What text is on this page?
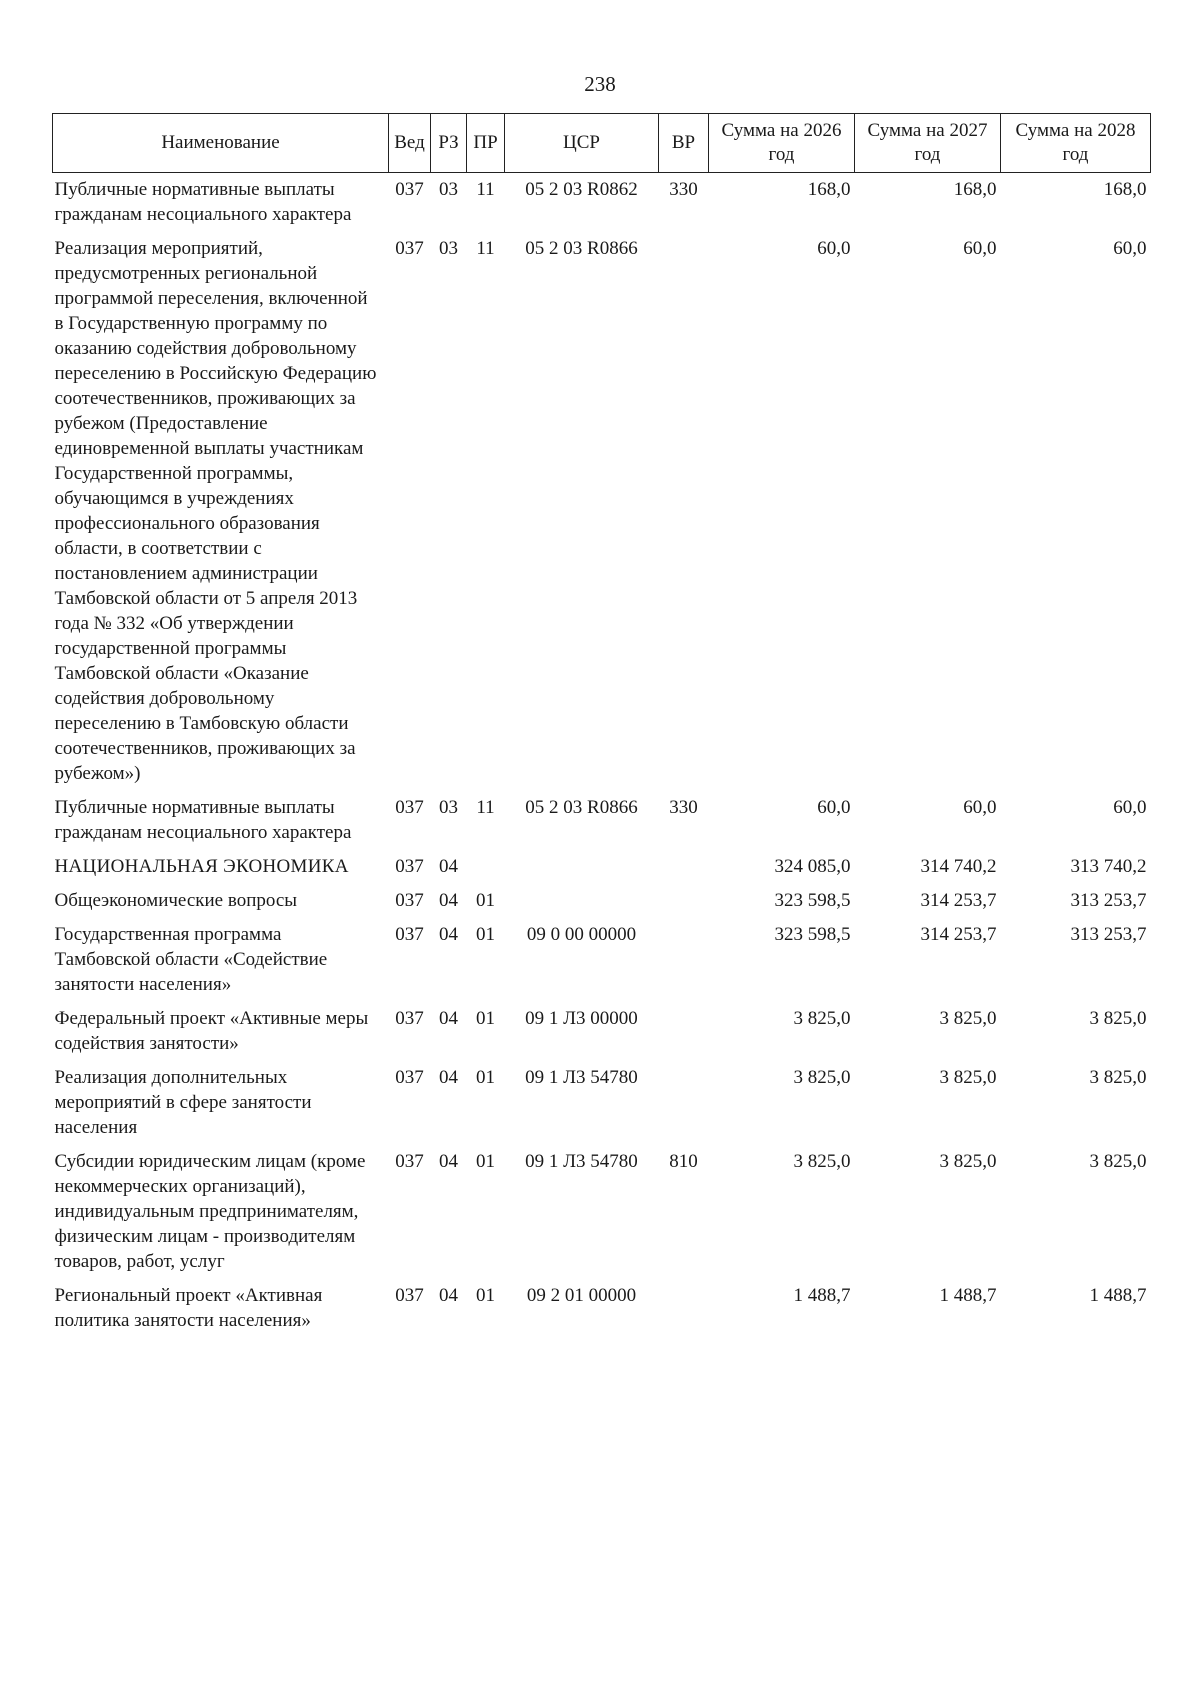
238
Наименование	Вед	РЗ	ПР	ЦСР	ВР	Сумма на 2026 год	Сумма на 2027 год	Сумма на 2028 год
Публичные нормативные выплаты гражданам несоциального характера	037	03	11	05 2 03 R0862	330	168,0	168,0	168,0
Реализация мероприятий, предусмотренных региональной программой переселения, включенной в Государственную программу по оказанию содействия добровольному переселению в Российскую Федерацию соотечественников, проживающих за рубежом (Предоставление единовременной выплаты участникам Государственной программы, обучающимся в учреждениях профессионального образования области, в соответствии с постановлением администрации Тамбовской области от 5 апреля 2013 года № 332 «Об утверждении государственной программы Тамбовской области «Оказание содействия добровольному переселению в Тамбовскую области соотечественников, проживающих за рубежом»)	037	03	11	05 2 03 R0866		60,0	60,0	60,0
Публичные нормативные выплаты гражданам несоциального характера	037	03	11	05 2 03 R0866	330	60,0	60,0	60,0
НАЦИОНАЛЬНАЯ ЭКОНОМИКА	037	04				324 085,0	314 740,2	313 740,2
Общеэкономические вопросы	037	04	01			323 598,5	314 253,7	313 253,7
Государственная программа Тамбовской области «Содействие занятости населения»	037	04	01	09 0 00 00000		323 598,5	314 253,7	313 253,7
Федеральный проект «Активные меры содействия занятости»	037	04	01	09 1 Л3 00000		3 825,0	3 825,0	3 825,0
Реализация дополнительных мероприятий в сфере занятости населения	037	04	01	09 1 Л3 54780		3 825,0	3 825,0	3 825,0
Субсидии юридическим лицам (кроме некоммерческих организаций), индивидуальным предпринимателям, физическим лицам - производителям товаров, работ, услуг	037	04	01	09 1 Л3 54780	810	3 825,0	3 825,0	3 825,0
Региональный проект «Активная политика занятости населения»	037	04	01	09 2 01 00000		1 488,7	1 488,7	1 488,7
